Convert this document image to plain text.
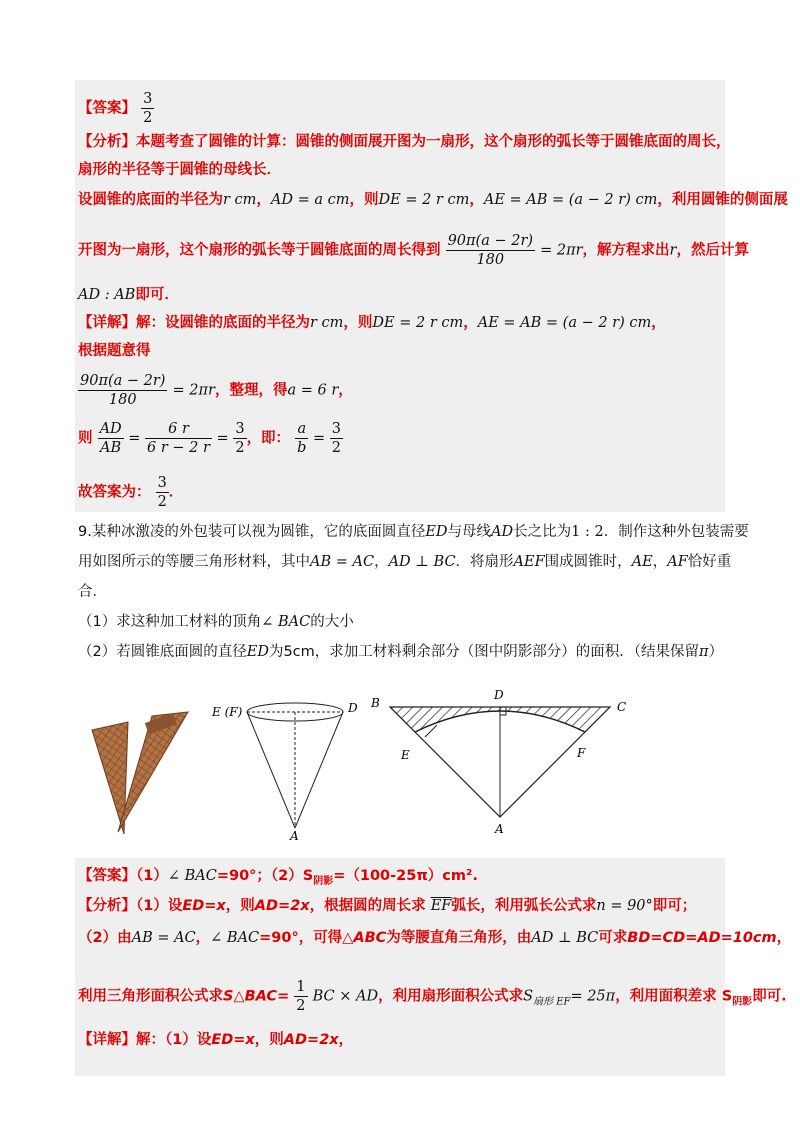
【答案】 $\frac{3}{2}$
【分析】本题考查了圆锥的计算：圆锥的侧面展开图为一扇形，这个扇形的弧长等于圆锥底面的周长，
扇形的半径等于圆锥的母线长．
设圆锥的底面的半径为r cm，AD = a cm，则DE = 2 r cm，AE = AB = (a − 2 r) cm，利用圆锥的侧面展
开图为一扇形，这个扇形的弧长等于圆锥底面的周长得到 $\frac{90\pi(a - 2r)}{180} = 2\pi r$，解方程求出r，然后计算
AD : AB即可．
【详解】解：设圆锥的底面的半径为r cm，则DE = 2 r cm，AE = AB = (a − 2 r) cm，
根据题意得
$\frac{90\pi(a - 2r)}{180} = 2\pi r$，整理，得a = 6 r，
则 $\frac{AD}{AB} = \frac{6 r}{6 r - 2 r} = \frac{3}{2}$ ，即： $\frac{a}{b} = \frac{3}{2}$
故答案为： $\frac{3}{2}$ ．
9.某种冰激凌的外包装可以视为圆锥，它的底面圆直径ED与母线AD长之比为1 : 2．制作这种外包装需要
用如图所示的等腰三角形材料，其中AB = AC，AD ⊥ BC．将扇形AEF围成圆锥时，AE，AF恰好重
合．
（1）求这种加工材料的顶角∠ BAC的大小
（2）若圆锥底面圆的直径ED为5cm，求加工材料剩余部分（图中阴影部分）的面积．（结果保留π）
E (F)	D
A
B
D
C
E	F
A
【答案】（1）∠ BAC=90°；$(2)S_{阴影}=(100-25\pi)cm^2$.
【分析】（1）设ED=x，则AD=2x，根据圆的周长求 $\overline{EF}$弧长，利用弧长公式求n = 90°即可；
（2）由AB = AC，∠ BAC=90°，可得△ABC为等腰直角三角形，由AD ⊥ BC可求BD=CD=AD=10cm，
利用三角形面积公式求S△BAC= $\frac{1}{2}$ BC × AD，利用扇形面积公式求$S_{扇形 EF}= 25\pi$，利用面积差求 $S_{阴影}$即可.
【详解】解：（1）设ED=x，则AD=2x，
